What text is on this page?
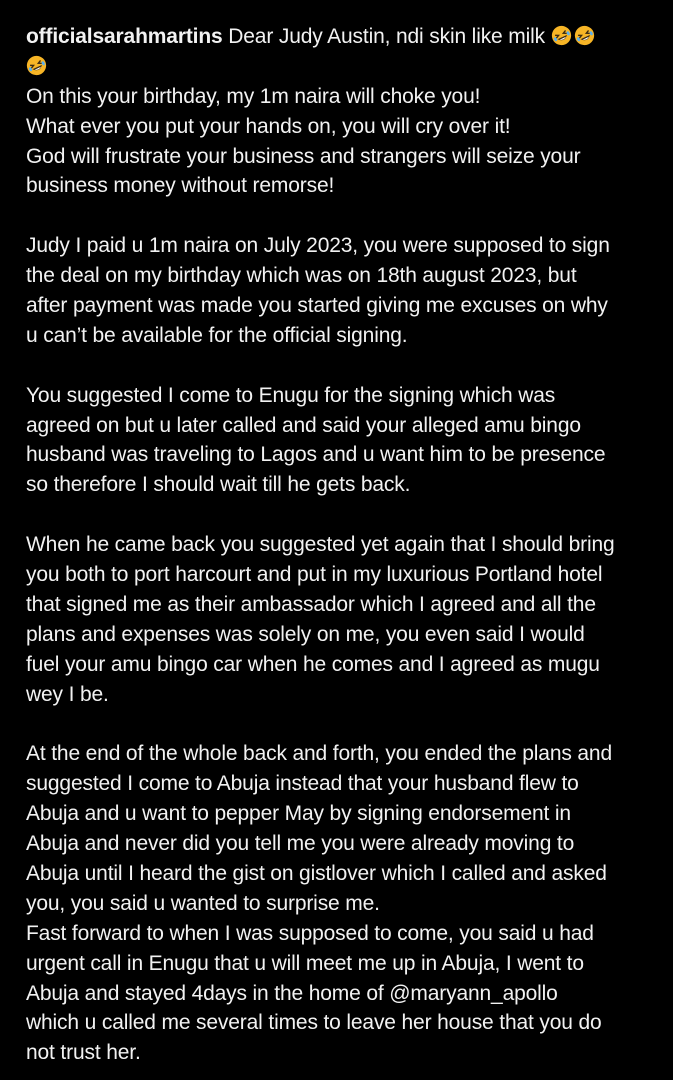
officialsarahmartins Dear Judy Austin, ndi skin like milk
On this your birthday, my 1m naira will choke you!
What ever you put your hands on, you will cry over it!
God will frustrate your business and strangers will seize your
business money without remorse!
Judy I paid u 1m naira on July 2023, you were supposed to sign
the deal on my birthday which was on 18th august 2023, but
after payment was made you started giving me excuses on why
u can’t be available for the official signing.
You suggested I come to Enugu for the signing which was
agreed on but u later called and said your alleged amu bingo
husband was traveling to Lagos and u want him to be presence
so therefore I should wait till he gets back.
When he came back you suggested yet again that I should bring
you both to port harcourt and put in my luxurious Portland hotel
that signed me as their ambassador which I agreed and all the
plans and expenses was solely on me, you even said I would
fuel your amu bingo car when he comes and I agreed as mugu
wey I be.
At the end of the whole back and forth, you ended the plans and
suggested I come to Abuja instead that your husband flew to
Abuja and u want to pepper May by signing endorsement in
Abuja and never did you tell me you were already moving to
Abuja until I heard the gist on gistlover which I called and asked
you, you said u wanted to surprise me.
Fast forward to when I was supposed to come, you said u had
urgent call in Enugu that u will meet me up in Abuja, I went to
Abuja and stayed 4days in the home of @maryann_apollo
which u called me several times to leave her house that you do
not trust her.
